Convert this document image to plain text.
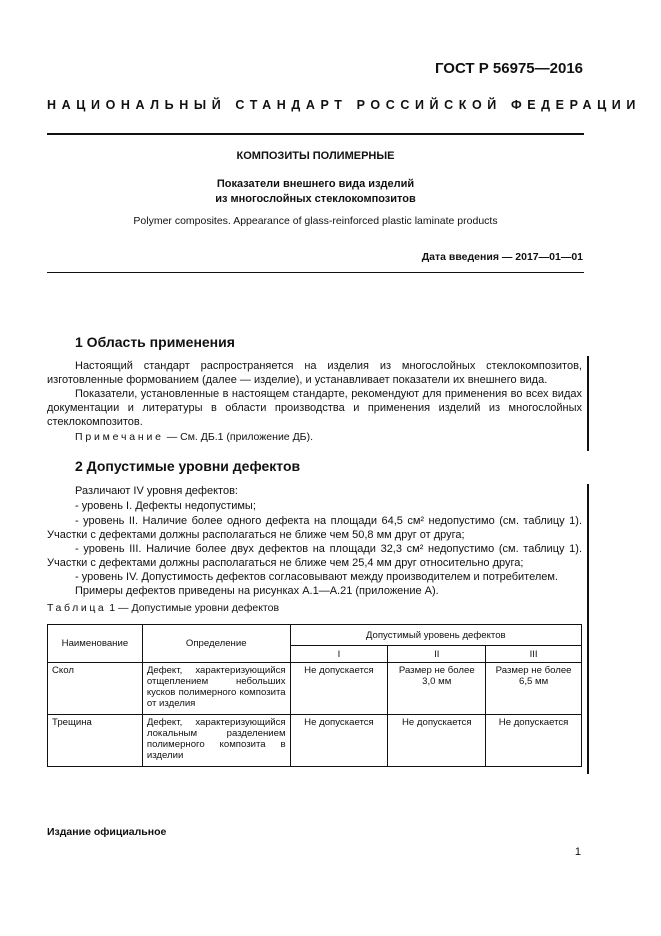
ГОСТ Р 56975—2016
НАЦИОНАЛЬНЫЙ СТАНДАРТ РОССИЙСКОЙ ФЕДЕРАЦИИ
КОМПОЗИТЫ ПОЛИМЕРНЫЕ
Показатели внешнего вида изделий
из многослойных стеклокомпозитов
Polymer composites. Appearance of glass-reinforced plastic laminate products
Дата введения — 2017—01—01
1 Область применения
Настоящий стандарт распространяется на изделия из многослойных стеклокомпозитов, изготовленные формованием (далее — изделие), и устанавливает показатели их внешнего вида.
Показатели, установленные в настоящем стандарте, рекомендуют для применения во всех видах документации и литературы в области производства и применения изделий из многослойных стеклокомпозитов.
Примечание — См. ДБ.1 (приложение ДБ).
2 Допустимые уровни дефектов
Различают IV уровня дефектов:
- уровень I. Дефекты недопустимы;
- уровень II. Наличие более одного дефекта на площади 64,5 см² недопустимо (см. таблицу 1).
Участки с дефектами должны располагаться не ближе чем 50,8 мм друг от друга;
- уровень III. Наличие более двух дефектов на площади 32,3 см² недопустимо (см. таблицу 1).
Участки с дефектами должны располагаться не ближе чем 25,4 мм друг относительно друга;
- уровень IV. Допустимость дефектов согласовывают между производителем и потребителем.
Примеры дефектов приведены на рисунках А.1—А.21 (приложение А).
Таблица 1 — Допустимые уровни дефектов
Наименование	Определение	Допустимый уровень дефектов		
		I	II	III
Скол	Дефект, характеризующийся отщеплением небольших кусков полимерного композита от изделия	Не допускается	Размер не более 3,0 мм	Размер не более 6,5 мм
Трещина	Дефект, характеризующийся локальным разделением полимерного композита в изделии	Не допускается	Не допускается	Не допускается
Издание официальное
1
